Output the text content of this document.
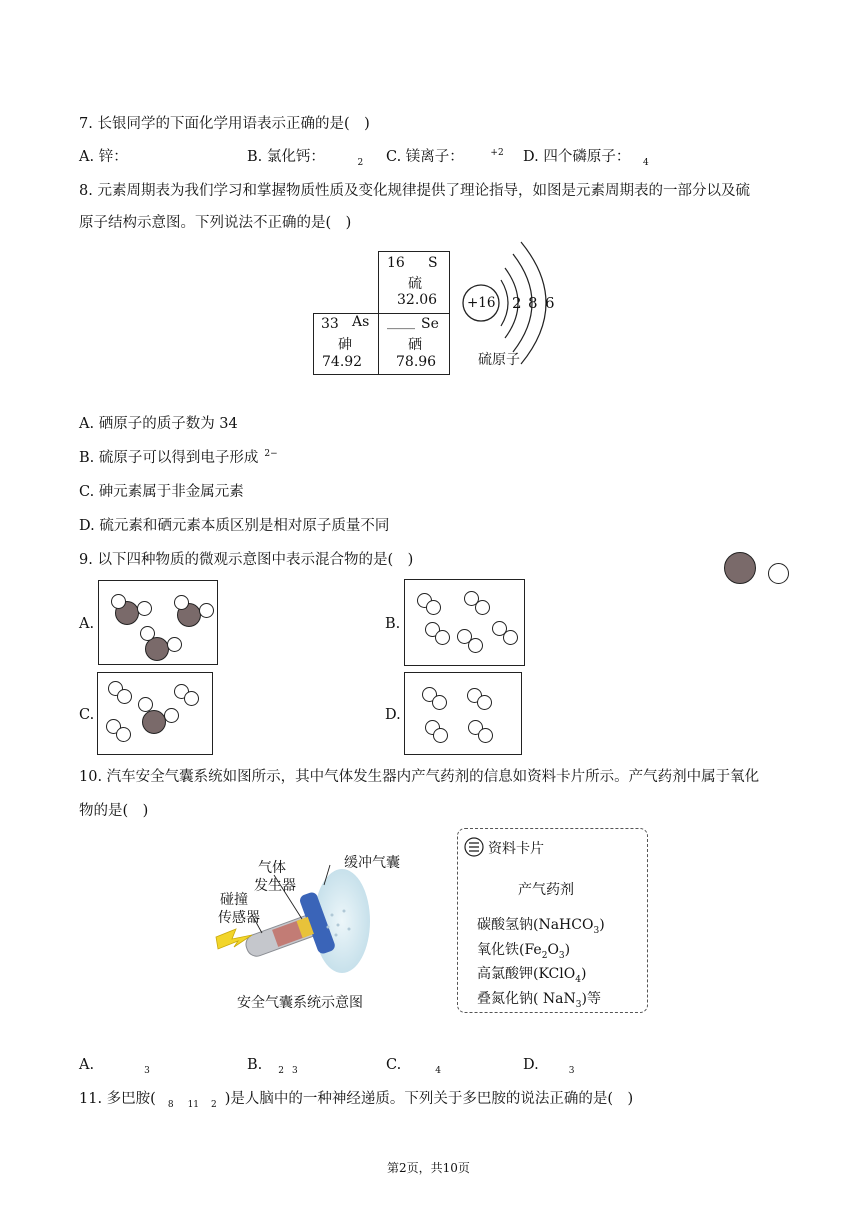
7. 长银同学的下面化学用语表示正确的是(　)
A. 锌：	B. 氯化钙：	$_2$ C. 镁离子：	$^{+2}$ D. 四个磷原子： $_4$
8. 元素周期表为我们学习和掌握物质性质及变化规律提供了理论指导，如图是元素周期表的一部分以及硫
原子结构示意图。下列说法不正确的是(　)
16 S
硫
32.06
33 As
砷
74.92
____ Se
硒
78.96
+16 2 8 6
硫原子
A. 硒原子的质子数为 34
B. 硫原子可以得到电子形成 $^{2-}$
C. 砷元素属于非金属元素
D. 硫元素和硒元素本质区别是相对原子质量不同
9. 以下四种物质的微观示意图中表示混合物的是(　)
A.	B.
C.	D.
10. 汽车安全气囊系统如图所示，其中气体发生器内产气药剂的信息如资料卡片所示。产气药剂中属于氧化
物的是(　)
气体
发生器
缓冲气囊
碰撞
传感器
安全气囊系统示意图
资料卡片
产气药剂
碳酸氢钠(NaHCO$_3$)
氧化铁$(Fe_2O_3)$
高氯酸钾(KClO$_4$)
叠氮化钠( NaN$_3$)等
A.	$_3$	B. $_2$ $_3$	C.	$_4$	D.	$_3$
11. 多巴胺( $_8$ $_{11}$ $_2$ )是人脑中的一种神经递质。下列关于多巴胺的说法正确的是(　)
第2页，共10页
